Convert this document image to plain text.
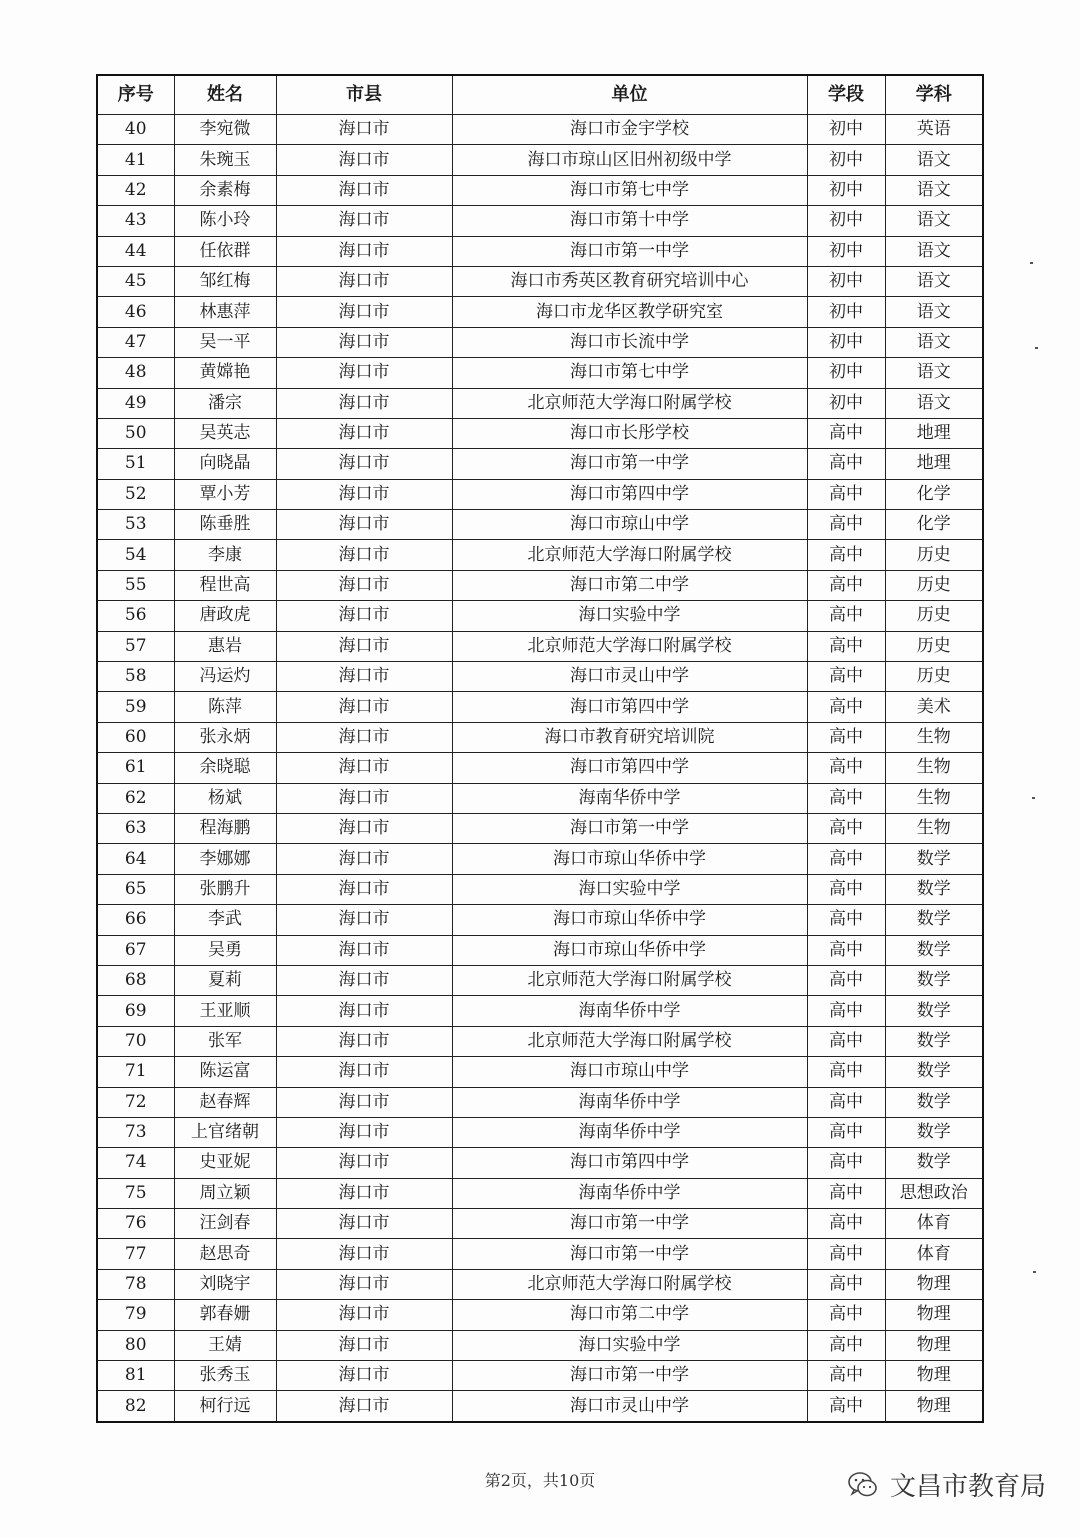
序号	姓名	市县	单位	学段	学科
40	李宛微	海口市	海口市金宇学校	初中	英语
41	朱琬玉	海口市	海口市琼山区旧州初级中学	初中	语文
42	余素梅	海口市	海口市第七中学	初中	语文
43	陈小玲	海口市	海口市第十中学	初中	语文
44	任依群	海口市	海口市第一中学	初中	语文
45	邹红梅	海口市	海口市秀英区教育研究培训中心	初中	语文
46	林惠萍	海口市	海口市龙华区教学研究室	初中	语文
47	吴一平	海口市	海口市长流中学	初中	语文
48	黄嫦艳	海口市	海口市第七中学	初中	语文
49	潘宗	海口市	北京师范大学海口附属学校	初中	语文
50	吴英志	海口市	海口市长彤学校	高中	地理
51	向晓晶	海口市	海口市第一中学	高中	地理
52	覃小芳	海口市	海口市第四中学	高中	化学
53	陈垂胜	海口市	海口市琼山中学	高中	化学
54	李康	海口市	北京师范大学海口附属学校	高中	历史
55	程世高	海口市	海口市第二中学	高中	历史
56	唐政虎	海口市	海口实验中学	高中	历史
57	惠岩	海口市	北京师范大学海口附属学校	高中	历史
58	冯运灼	海口市	海口市灵山中学	高中	历史
59	陈萍	海口市	海口市第四中学	高中	美术
60	张永炳	海口市	海口市教育研究培训院	高中	生物
61	余晓聪	海口市	海口市第四中学	高中	生物
62	杨斌	海口市	海南华侨中学	高中	生物
63	程海鹏	海口市	海口市第一中学	高中	生物
64	李娜娜	海口市	海口市琼山华侨中学	高中	数学
65	张鹏升	海口市	海口实验中学	高中	数学
66	李武	海口市	海口市琼山华侨中学	高中	数学
67	吴勇	海口市	海口市琼山华侨中学	高中	数学
68	夏莉	海口市	北京师范大学海口附属学校	高中	数学
69	王亚顺	海口市	海南华侨中学	高中	数学
70	张军	海口市	北京师范大学海口附属学校	高中	数学
71	陈运富	海口市	海口市琼山中学	高中	数学
72	赵春辉	海口市	海南华侨中学	高中	数学
73	上官绪朝	海口市	海南华侨中学	高中	数学
74	史亚妮	海口市	海口市第四中学	高中	数学
75	周立颖	海口市	海南华侨中学	高中	思想政治
76	汪剑春	海口市	海口市第一中学	高中	体育
77	赵思奇	海口市	海口市第一中学	高中	体育
78	刘晓宇	海口市	北京师范大学海口附属学校	高中	物理
79	郭春姗	海口市	海口市第二中学	高中	物理
80	王婧	海口市	海口实验中学	高中	物理
81	张秀玉	海口市	海口市第一中学	高中	物理
82	柯行远	海口市	海口市灵山中学	高中	物理
第2页，共10页	文昌市教育局
